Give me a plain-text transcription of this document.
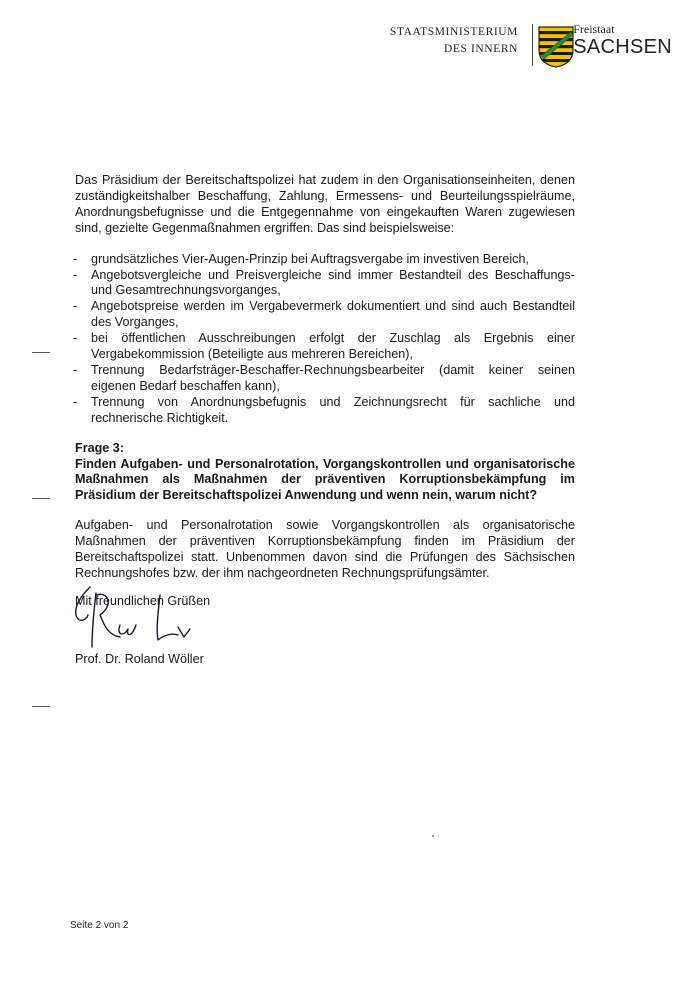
STAATSMINISTERIUM
DES INNERN
Freistaat
SACHSEN

Das Präsidium der Bereitschaftspolizei hat zudem in den Organisationseinheiten, denen zuständigkeitshalber Beschaffung, Zahlung, Ermessens- und Beurteilungsspielräume, Anordnungsbefugnisse und die Entgegennahme von eingekauften Waren zugewiesen sind, gezielte Gegenmaßnahmen ergriffen. Das sind beispielsweise:

- grundsätzliches Vier-Augen-Prinzip bei Auftragsvergabe im investiven Bereich,
- Angebotsvergleiche und Preisvergleiche sind immer Bestandteil des Beschaffungs- und Gesamtrechnungsvorganges,
- Angebotspreise werden im Vergabevermerk dokumentiert und sind auch Bestandteil des Vorganges,
- bei öffentlichen Ausschreibungen erfolgt der Zuschlag als Ergebnis einer Vergabekommission (Beteiligte aus mehreren Bereichen),
- Trennung Bedarfsträger-Beschaffer-Rechnungsbearbeiter (damit keiner seinen eigenen Bedarf beschaffen kann),
- Trennung von Anordnungsbefugnis und Zeichnungsrecht für sachliche und rechnerische Richtigkeit.

Frage 3:

Finden Aufgaben- und Personalrotation, Vorgangskontrollen und organisatorische Maßnahmen als Maßnahmen der präventiven Korruptionsbekämpfung im Präsidium der Bereitschaftspolizei Anwendung und wenn nein, warum nicht?

Aufgaben- und Personalrotation sowie Vorgangskontrollen als organisatorische Maßnahmen der präventiven Korruptionsbekämpfung finden im Präsidium der Bereitschaftspolizei statt. Unbenommen davon sind die Prüfungen des Sächsischen Rechnungshofes bzw. der ihm nachgeordneten Rechnungsprüfungsämter.

Mit freundlichen Grüßen

Prof. Dr. Roland Wöller
Seite 2 von 2
